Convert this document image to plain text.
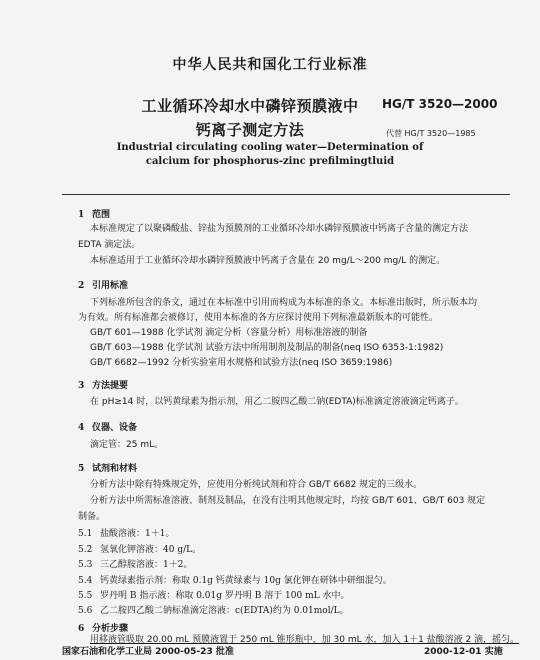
中华人民共和国化工行业标准
工业循环冷却水中磷锌预膜液中
钙离子测定方法
HG/T 3520—2000
代替 HG/T 3520—1985
Industrial circulating cooling water—Determination of
calcium for phosphorus-zinc prefilmingtluid
1 范围
本标准规定了以聚磷酸盐、锌盐为预膜剂的工业循环冷却水磷锌预膜液中钙离子含量的测定方法
EDTA 滴定法。
本标准适用于工业循环冷却水磷锌预膜液中钙离子含量在 20 mg/L～200 mg/L 的测定。
2 引用标准
下列标准所包含的条文，通过在本标准中引用而构成为本标准的条文。本标准出版时，所示版本均
为有效。所有标准都会被修订，使用本标准的各方应探讨使用下列标准最新版本的可能性。
GB/T 601—1988 化学试剂 滴定分析（容量分析）用标准溶液的制备
GB/T 603—1988 化学试剂 试验方法中所用制剂及制品的制备(neq ISO 6353-1:1982)
GB/T 6682—1992 分析实验室用水规格和试验方法(neq ISO 3659:1986)
3 方法提要
在 pH≥14 时，以钙黄绿素为指示剂，用乙二胺四乙酸二钠(EDTA)标准滴定溶液滴定钙离子。
4 仪器、设备
滴定管：25 mL。
5 试剂和材料
分析方法中除有特殊规定外，应使用分析纯试剂和符合 GB/T 6682 规定的三级水。
分析方法中所需标准溶液、制剂及制品，在没有注明其他规定时，均按 GB/T 601、GB/T 603 规定
制备。
5.1 盐酸溶液：1＋1。
5.2 氢氧化钾溶液：40 g/L。
5.3 三乙醇胺溶液：1＋2。
5.4 钙黄绿素指示剂：称取 0.1g 钙黄绿素与 10g 氯化钾在研钵中研细混匀。
5.5 罗丹明 B 指示液：称取 0.01g 罗丹明 B 溶于 100 mL 水中。
5.6 乙二胺四乙酸二钠标准滴定溶液：c(EDTA)约为 0.01mol/L。
6 分析步骤
用移液管吸取 20.00 mL 预膜液置于 250 mL 锥形瓶中，加 30 mL 水，加入 1＋1 盐酸溶液 2 滴，摇匀。
国家石油和化学工业局 2000-05-23 批准	2000-12-01 实施
